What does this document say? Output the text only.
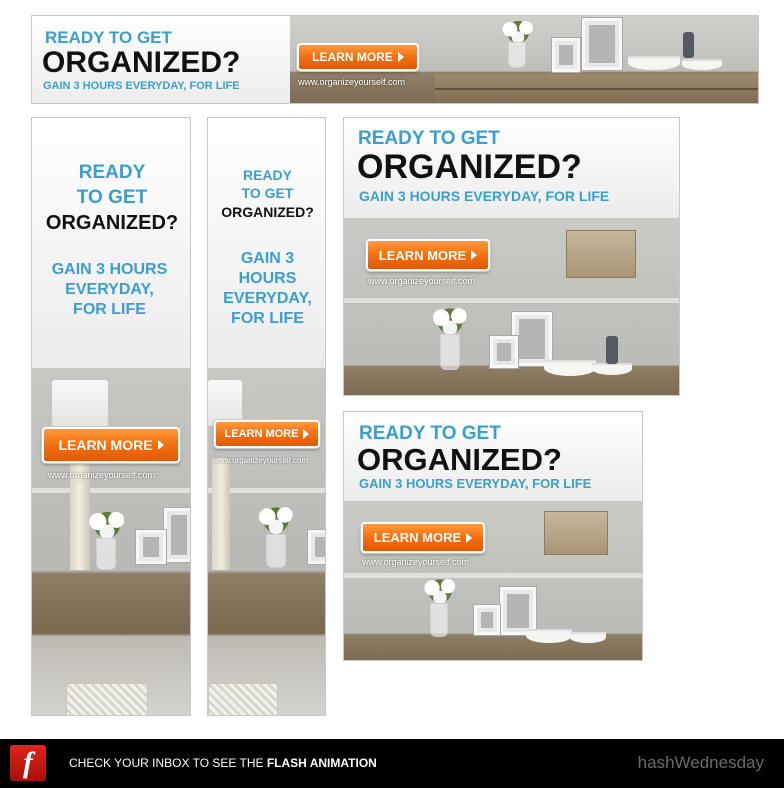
READY TO GET
ORGANIZED?
GAIN 3 HOURS EVERYDAY, FOR LIFE
LEARN MORE
www.organizeyourself.com
READY
TO GET
ORGANIZED?
GAIN 3 HOURS
EVERYDAY,
FOR LIFE
LEARN MORE
www.organizeyourself.com
READY
TO GET
ORGANIZED?
GAIN 3
HOURS
EVERYDAY,
FOR LIFE
LEARN MORE
www.organizeyourself.com
READY TO GET
ORGANIZED?
GAIN 3 HOURS EVERYDAY, FOR LIFE
LEARN MORE
www.organizeyourself.com
READY TO GET
ORGANIZED?
GAIN 3 HOURS EVERYDAY, FOR LIFE
LEARN MORE
www.organizeyourself.com
f	CHECK YOUR INBOX TO SEE THE FLASH ANIMATION	hashWednesday
